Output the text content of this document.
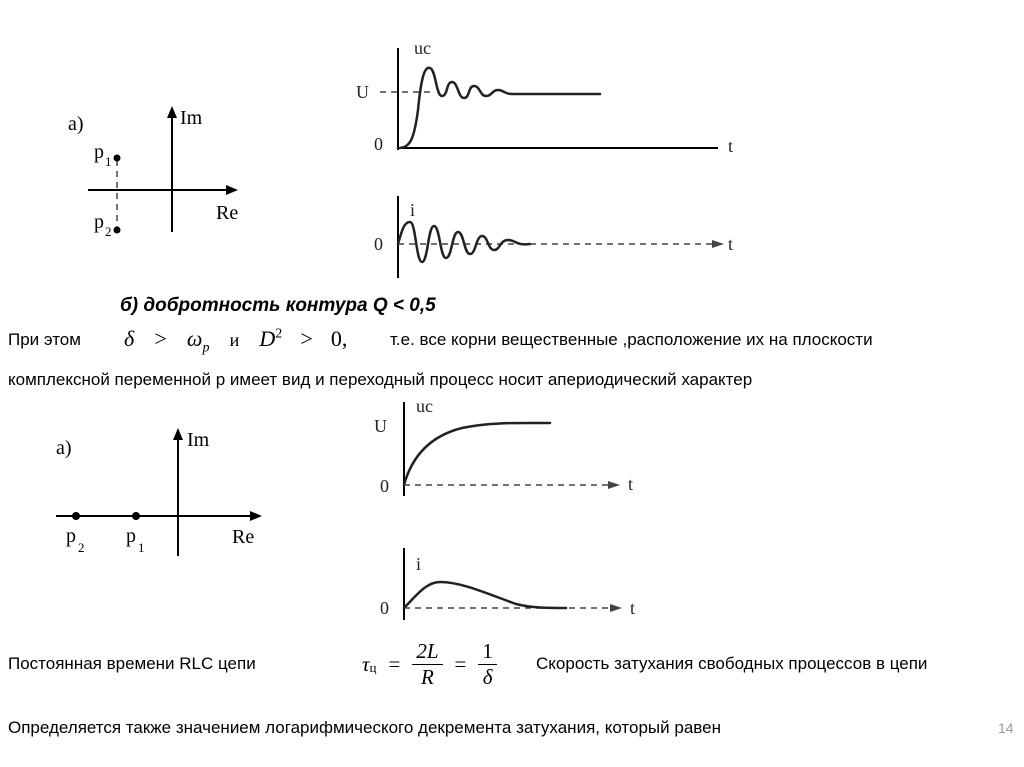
а)	Im
Re
p 1
p 2
U
0
uc
t
0
i
t
б) добротность контура Q < 0,5
При этом $\delta > \omega_p$ и $D^2 > 0$,	т.е. все корни вещественные ,расположение их на плоскости
комплексной переменной р имеет вид и переходный процесс носит апериодический характер
а)	Im
Re
p
2
p
1
U
0
uc
t
0
i
t
Постоянная времени RLC цепи	$\tau_ц = \frac{2L}{R} = \frac{1}{\delta}$ Скорость затухания свободных процессов в цепи
Определяется также значением логарифмического декремента затухания, который равен	14
